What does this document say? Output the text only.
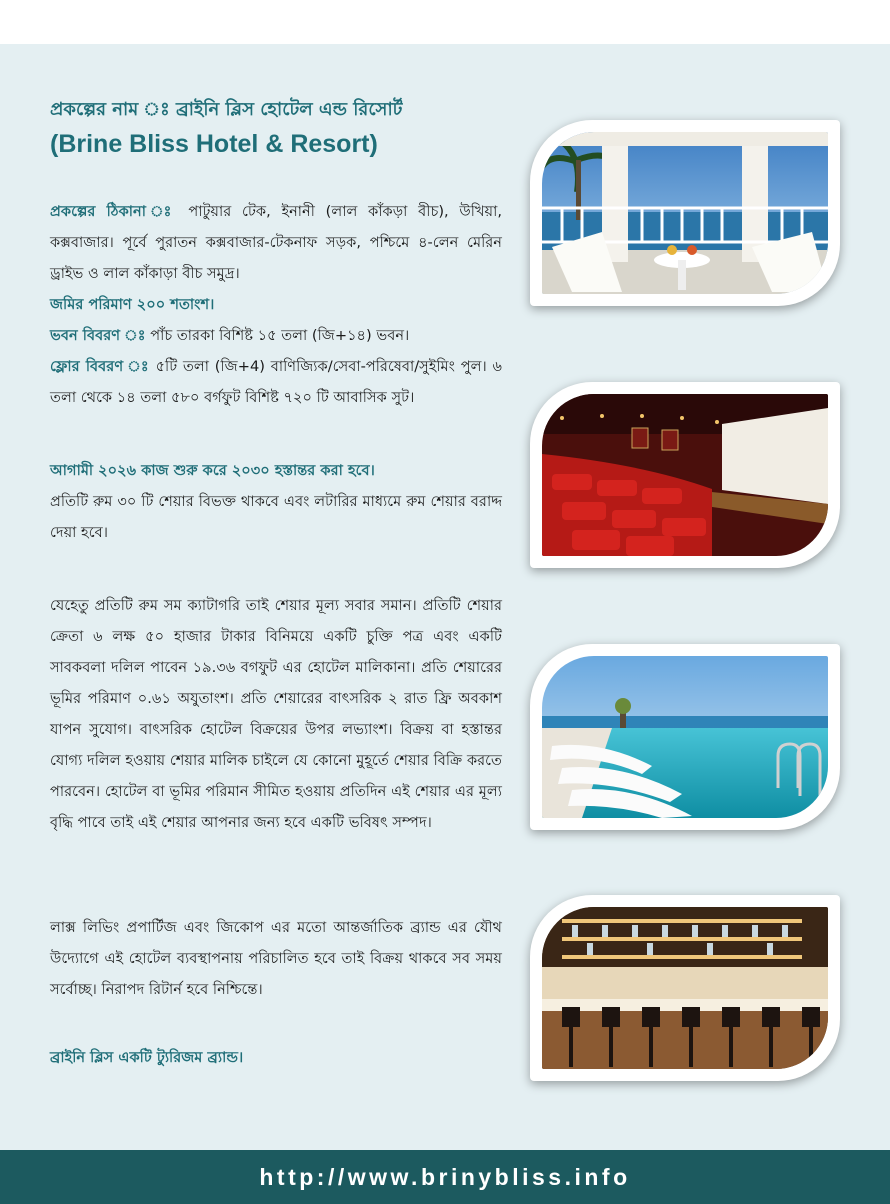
প্রকল্পের নাম ঃ ব্রাইনি ব্লিস হোটেল এন্ড রিসোর্ট
(Brine Bliss Hotel & Resort)
প্রকল্পের ঠিকানা ঃ পাটুয়ার টেক, ইনানী (লাল কাঁকড়া বীচ), উখিয়া, কক্সবাজার। পূর্বে পুরাতন কক্সবাজার-টেকনাফ সড়ক, পশ্চিমে ৪-লেন মেরিন ড্রাইভ ও লাল কাঁকাড়া বীচ সমুদ্র।
জমির পরিমাণ ২০০ শতাংশ।
ভবন বিবরণ ঃ পাঁচ তারকা বিশিষ্ট ১৫ তলা (জি+১৪) ভবন।
ফ্লোর বিবরণ ঃ ৫টি তলা (জি+4) বাণিজ্যিক/সেবা-পরিষেবা/সুইমিং পুল। ৬ তলা থেকে ১৪ তলা ৫৮০ বর্গফুট বিশিষ্ট ৭২০ টি আবাসিক সুট।
আগামী ২০২৬ কাজ শুরু করে ২০৩০ হস্তান্তর করা হবে।
প্রতিটি রুম ৩০ টি শেয়ার বিভক্ত থাকবে এবং লটারির মাধ্যমে রুম শেয়ার বরাদ্দ দেয়া হবে।
যেহেতু প্রতিটি রুম সম ক্যাটাগরি তাই শেয়ার মূল্য সবার সমান। প্রতিটি শেয়ার ক্রেতা ৬ লক্ষ ৫০ হাজার টাকার বিনিময়ে একটি চুক্তি পত্র এবং একটি সাবকবলা দলিল পাবেন ১৯.৩৬ বগফুট এর হোটেল মালিকানা। প্রতি শেয়ারের ভূমির পরিমাণ ০.৬১ অযুতাংশ। প্রতি শেয়ারের বাৎসরিক ২ রাত ফ্রি অবকাশ যাপন সুযোগ। বাৎসরিক হোটেল বিক্রয়ের উপর লভ্যাংশ। বিক্রয় বা হস্তান্তর যোগ্য দলিল হওয়ায় শেয়ার মালিক চাইলে যে কোনো মুহূর্তে শেয়ার বিক্রি করতে পারবেন। হোটেল বা ভূমির পরিমান সীমিত হওয়ায় প্রতিদিন এই শেয়ার এর মূল্য বৃদ্ধি পাবে তাই এই শেয়ার আপনার জন্য হবে একটি ভবিষৎ সম্পদ।
লাক্স লিভিং প্রপার্টিজ এবং জিকোপ এর মতো আন্তর্জাতিক ব্র্যান্ড এর যৌথ উদ্যোগে এই হোটেল ব্যবস্থাপনায় পরিচালিত হবে তাই বিক্রয় থাকবে সব সময় সর্বোচ্ছ। নিরাপদ রিটার্ন হবে নিশ্চিন্তে।
ব্রাইনি ব্লিস একটি ট্যুরিজম ব্র্যান্ড।
http://www.brinybliss.info
